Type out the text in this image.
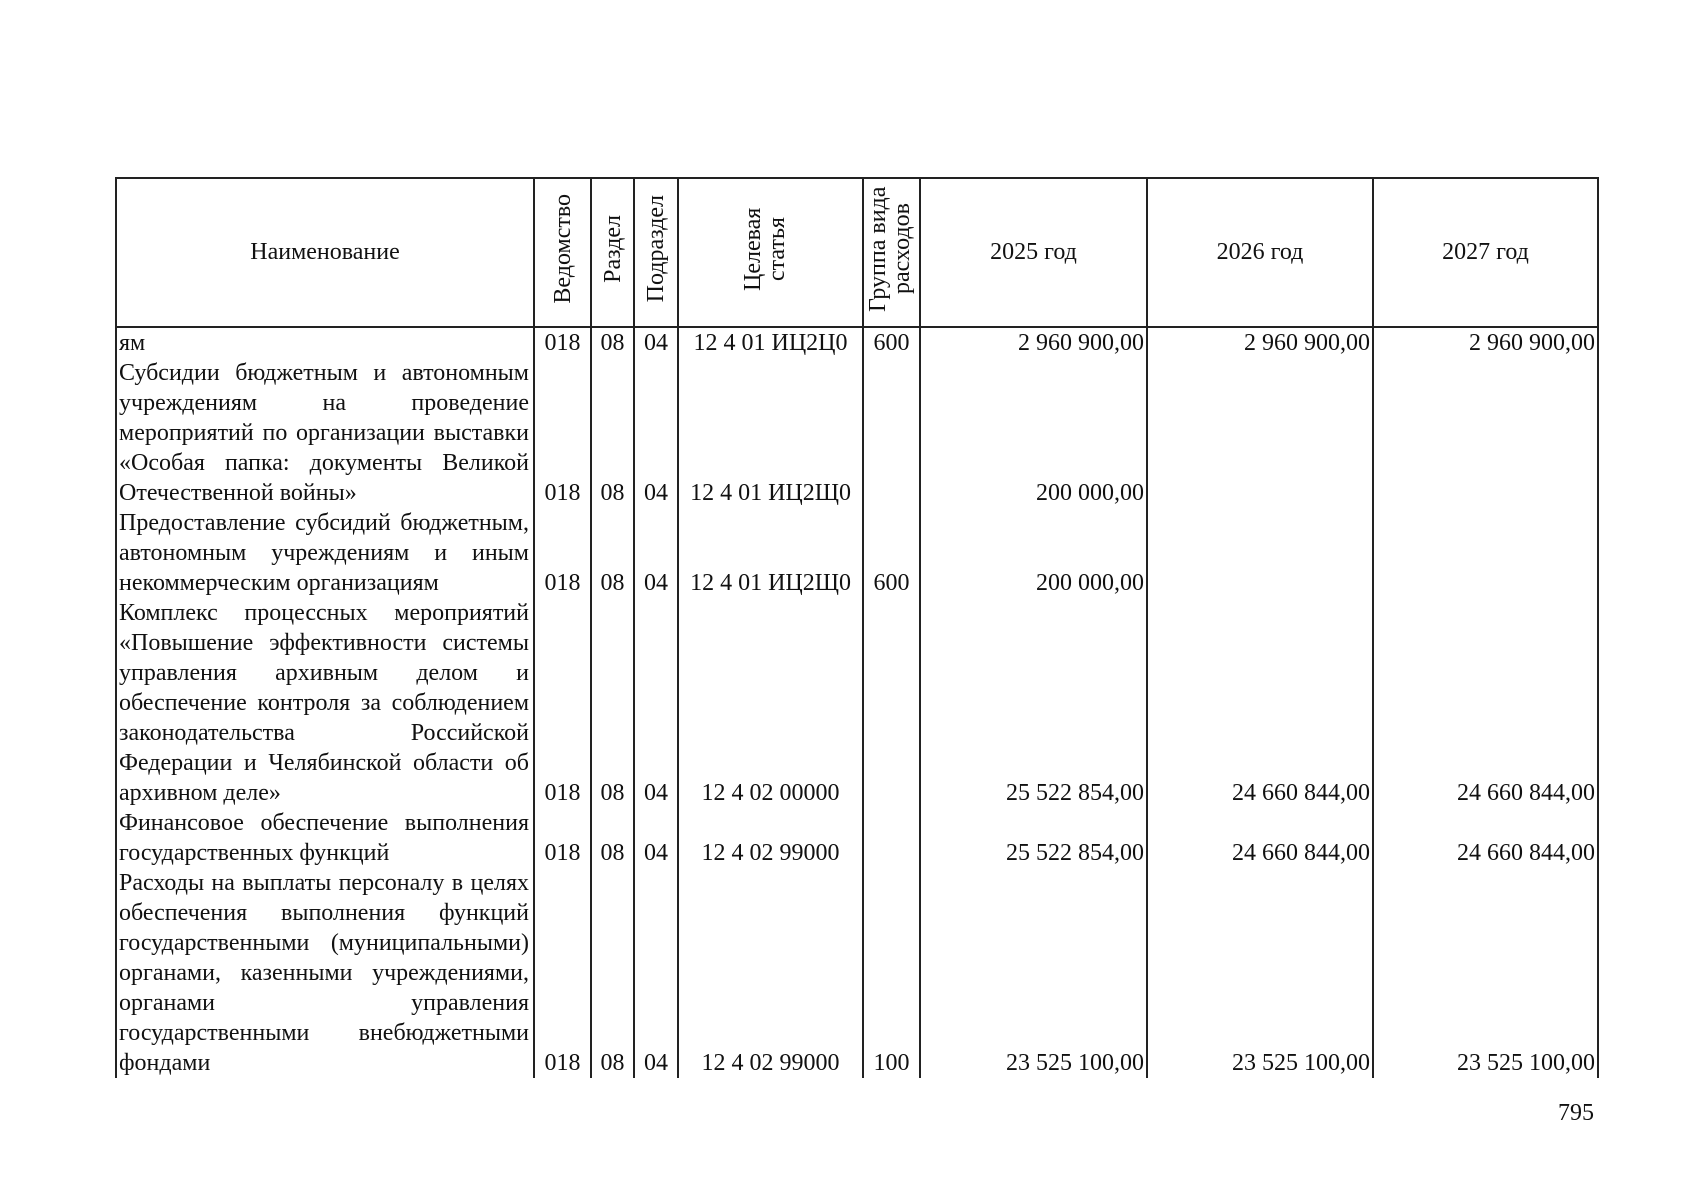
Наименование	Ведомство	Раздел	Подраздел	Целевая статья	Группа вида расходов	2025 год	2026 год	2027 год
ям	018	08	04	12 4 01 ИЦ2Ц0	600	2 960 900,00	2 960 900,00	2 960 900,00
Субсидии бюджетным и автономным учреждениям на проведение мероприятий по организации выставки «Особая папка: документы Великой Отечественной войны»	018	08	04	12 4 01 ИЦ2Щ0		200 000,00		
Предоставление субсидий бюджетным, автономным учреждениям и иным некоммерческим организациям	018	08	04	12 4 01 ИЦ2Щ0	600	200 000,00		
Комплекс процессных мероприятий «Повышение эффективности системы управления архивным делом и обеспечение контроля за соблюдением законодательства Российской Федерации и Челябинской области об архивном деле»	018	08	04	12 4 02 00000		25 522 854,00	24 660 844,00	24 660 844,00
Финансовое обеспечение выполнения государственных функций	018	08	04	12 4 02 99000		25 522 854,00	24 660 844,00	24 660 844,00
Расходы на выплаты персоналу в целях обеспечения выполнения функций государственными (муниципальными) органами, казенными учреждениями, органами управления государственными внебюджетными фондами	018	08	04	12 4 02 99000	100	23 525 100,00	23 525 100,00	23 525 100,00
795
